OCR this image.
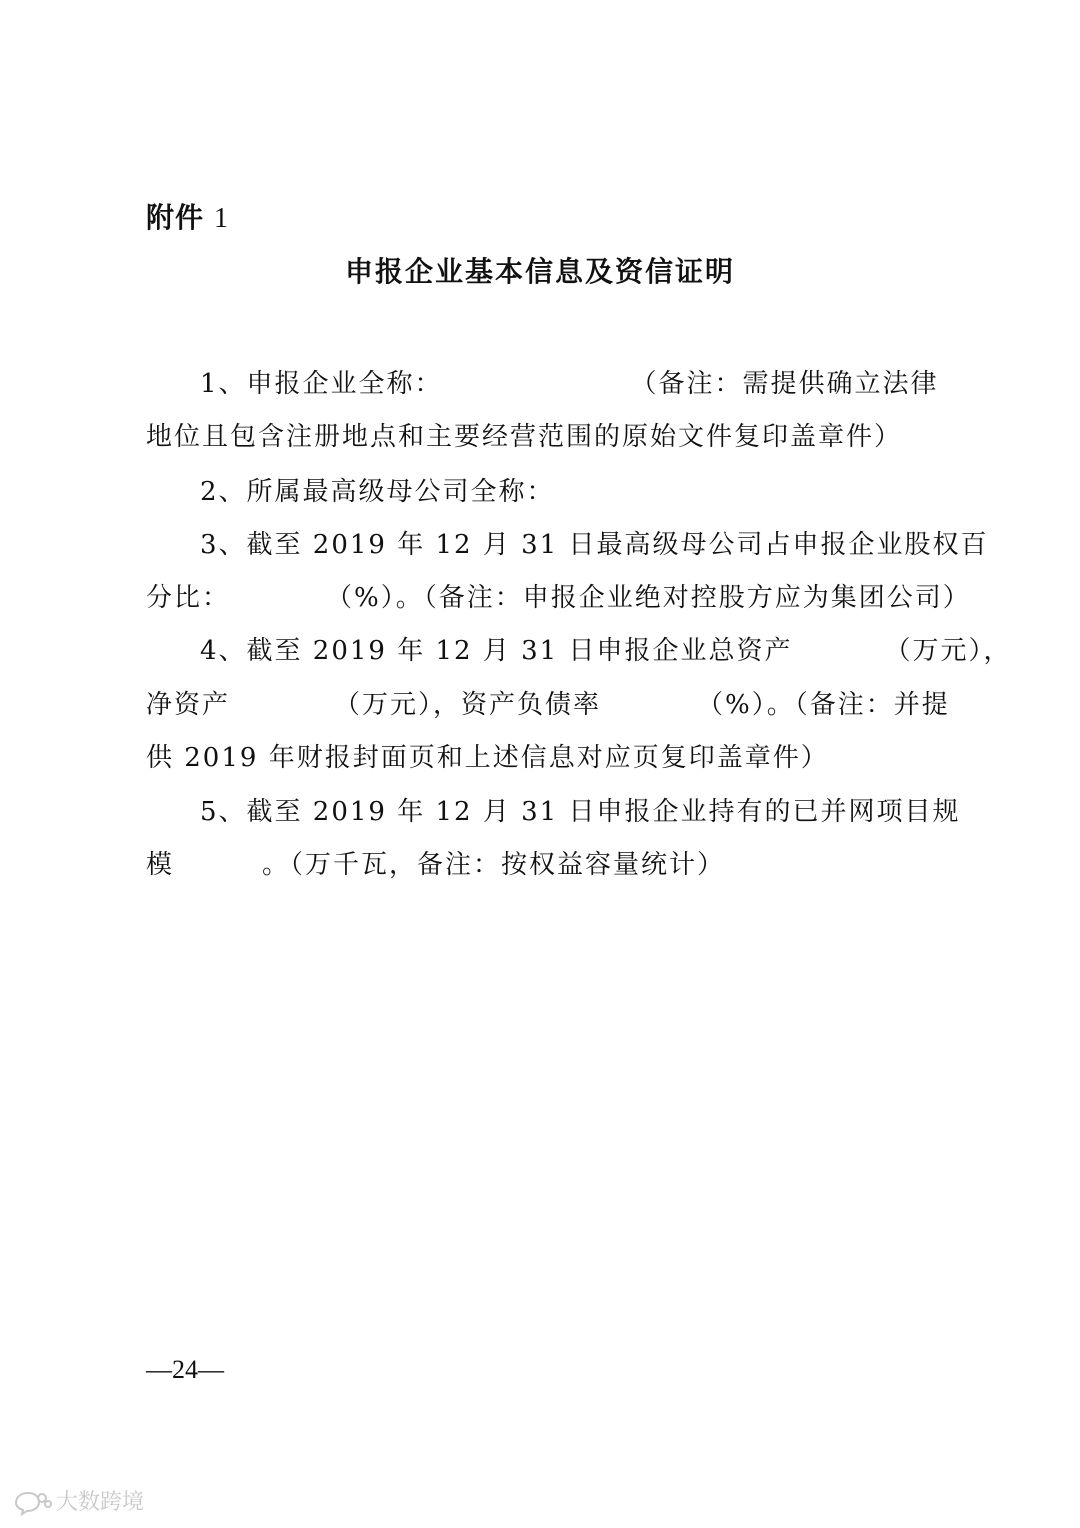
附件 1
申报企业基本信息及资信证明
1、申报企业全称：	（备注：需提供确立法律
地位且包含注册地点和主要经营范围的原始文件复印盖章件）
2、所属最高级母公司全称：
3、截至 2019 年 12 月 31 日最高级母公司占申报企业股权百
分比：	（%）。（备注：申报企业绝对控股方应为集团公司）
4、截至 2019 年 12 月 31 日申报企业总资产	（万元），
净资产	（万元），资产负债率	（%）。（备注：并提
供 2019 年财报封面页和上述信息对应页复印盖章件）
5、截至 2019 年 12 月 31 日申报企业持有的已并网项目规
模	。（万千瓦，备注：按权益容量统计）
—24—
大数跨境
